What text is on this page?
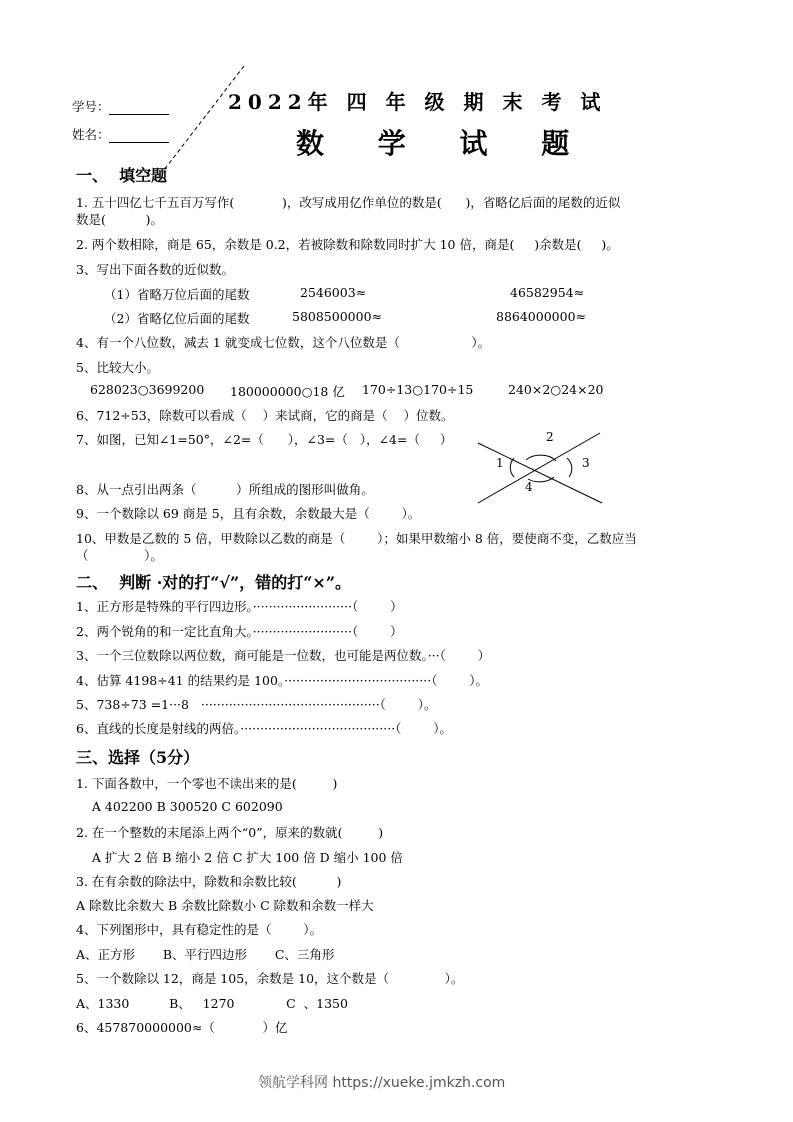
学号：

姓名：

2022年 四 年 级 期 末 考 试
数 学 试 题
一、  填空题
1. 五十四亿七千五百万写作(            )，改写成用亿作单位的数是(      )，省略亿后面的尾数的近似
数是(          )。
2. 两个数相除，商是 65，余数是 0.2，若被除数和除数同时扩大 10 倍，商是(     )余数是(     )。
3、写出下面各数的近似数。
（1）省略万位后面的尾数	2546003≈	46582954≈
（2）省略亿位后面的尾数	5808500000≈	8864000000≈
4、有一个八位数，减去 1 就变成七位数，这个八位数是（                  ）。
5、比较大小。
628023○3699200 180000000○18 亿 170÷13○170÷15	240×2○24×20
6、712÷53，除数可以看成（    ）来试商，它的商是（    ）位数。
7、如图，已知∠1=50°，∠2=（      ），∠3=（   ），∠4=（     ）
1
2
3
4
8、从一点引出两条（          ）所组成的图形叫做角。
9、一个数除以 69 商是 5，且有余数，余数最大是（        ）。
10、甲数是乙数的 5 倍，甲数除以乙数的商是（        ）；如果甲数缩小 8 倍，要使商不变，乙数应当
（              ）。
二、  判断 ·对的打“√”，错的打“×”。
1、正方形是特殊的平行四边形。·························（        ）
2、两个锐角的和一定比直角大。·························（        ）
3、一个三位数除以两位数，商可能是一位数，也可能是两位数。···（        ）
4、估算 4198÷41 的结果约是 100。·····································（        ）。
5、738÷73 =1···8   ·············································（        ）。
6、直线的长度是射线的两倍。·······································（        ）。
三、选择（5分）
1. 下面各数中，一个零也不读出来的是(         )
A 402200 B 300520 C 602090
2. 在一个整数的末尾添上两个“0”，原来的数就(         )
A 扩大 2 倍 B 缩小 2 倍 C 扩大 100 倍 D 缩小 100 倍
3. 在有余数的除法中，除数和余数比较(          )
A 除数比余数大 B 余数比除数小 C 除数和余数一样大
4、下列图形中，具有稳定性的是（        ）。
A、正方形       B、平行四边形       C、三角形
5、一个数除以 12，商是 105，余数是 10，这个数是（              ）。
A、1330          B、   1270             C  、1350
6、457870000000≈（            ）亿
领航学科网 https://xueke.jmkzh.com
